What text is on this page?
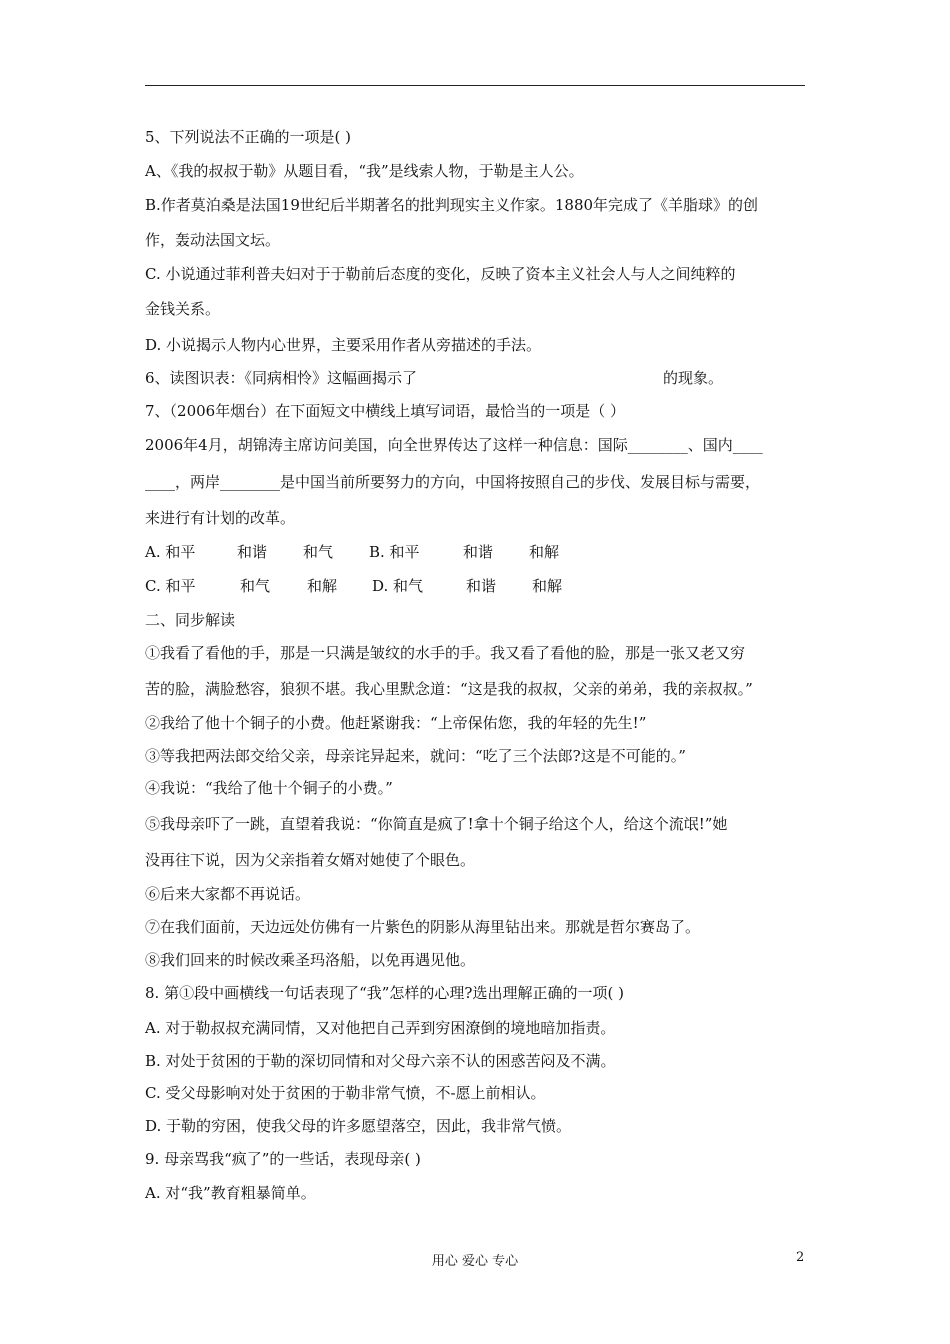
5、下列说法不正确的一项是( )
A、《我的叔叔于勒》从题目看，“我”是线索人物，于勒是主人公。
B.作者莫泊桑是法国19世纪后半期著名的批判现实主义作家。1880年完成了《羊脂球》的创
作，轰动法国文坛。
C. 小说通过菲利普夫妇对于于勒前后态度的变化，反映了资本主义社会人与人之间纯粹的
金钱关系。
D. 小说揭示人物内心世界，主要采用作者从旁描述的手法。
6、读图识表：《同病相怜》这幅画揭示了	的现象。
7、（2006年烟台）在下面短文中横线上填写词语，最恰当的一项是（ ）
2006年4月，胡锦涛主席访问美国，向全世界传达了这样一种信息：国际________、国内____
____，两岸________是中国当前所要努力的方向，中国将按照自己的步伐、发展目标与需要，
来进行有计划的改革。
A. 和平	和谐 和气 B. 和平	和谐 和解
C. 和平	和气 和解 D. 和气	和谐 和解
二、同步解读
①我看了看他的手，那是一只满是皱纹的水手的手。我又看了看他的脸，那是一张又老又穷
苦的脸，满脸愁容，狼狈不堪。我心里默念道：“这是我的叔叔，父亲的弟弟，我的亲叔叔。”
②我给了他十个铜子的小费。他赶紧谢我：“上帝保佑您，我的年轻的先生!”
③等我把两法郎交给父亲，母亲诧异起来，就问：“吃了三个法郎?这是不可能的。”
④我说：“我给了他十个铜子的小费。”
⑤我母亲吓了一跳，直望着我说：“你简直是疯了!拿十个铜子给这个人，给这个流氓!”她
没再往下说，因为父亲指着女婿对她使了个眼色。
⑥后来大家都不再说话。
⑦在我们面前，天边远处仿佛有一片紫色的阴影从海里钻出来。那就是哲尔赛岛了。
⑧我们回来的时候改乘圣玛洛船，以免再遇见他。
8. 第①段中画横线一句话表现了“我”怎样的心理?选出理解正确的一项( )
A. 对于勒叔叔充满同情，又对他把自己弄到穷困潦倒的境地暗加指责。
B. 对处于贫困的于勒的深切同情和对父母六亲不认的困惑苦闷及不满。
C. 受父母影响对处于贫困的于勒非常气愤，不-愿上前相认。
D. 于勒的穷困，使我父母的许多愿望落空，因此，我非常气愤。
9. 母亲骂我“疯了”的一些话，表现母亲( )
A. 对“我”教育粗暴简单。
用心 爱心 专心	2
